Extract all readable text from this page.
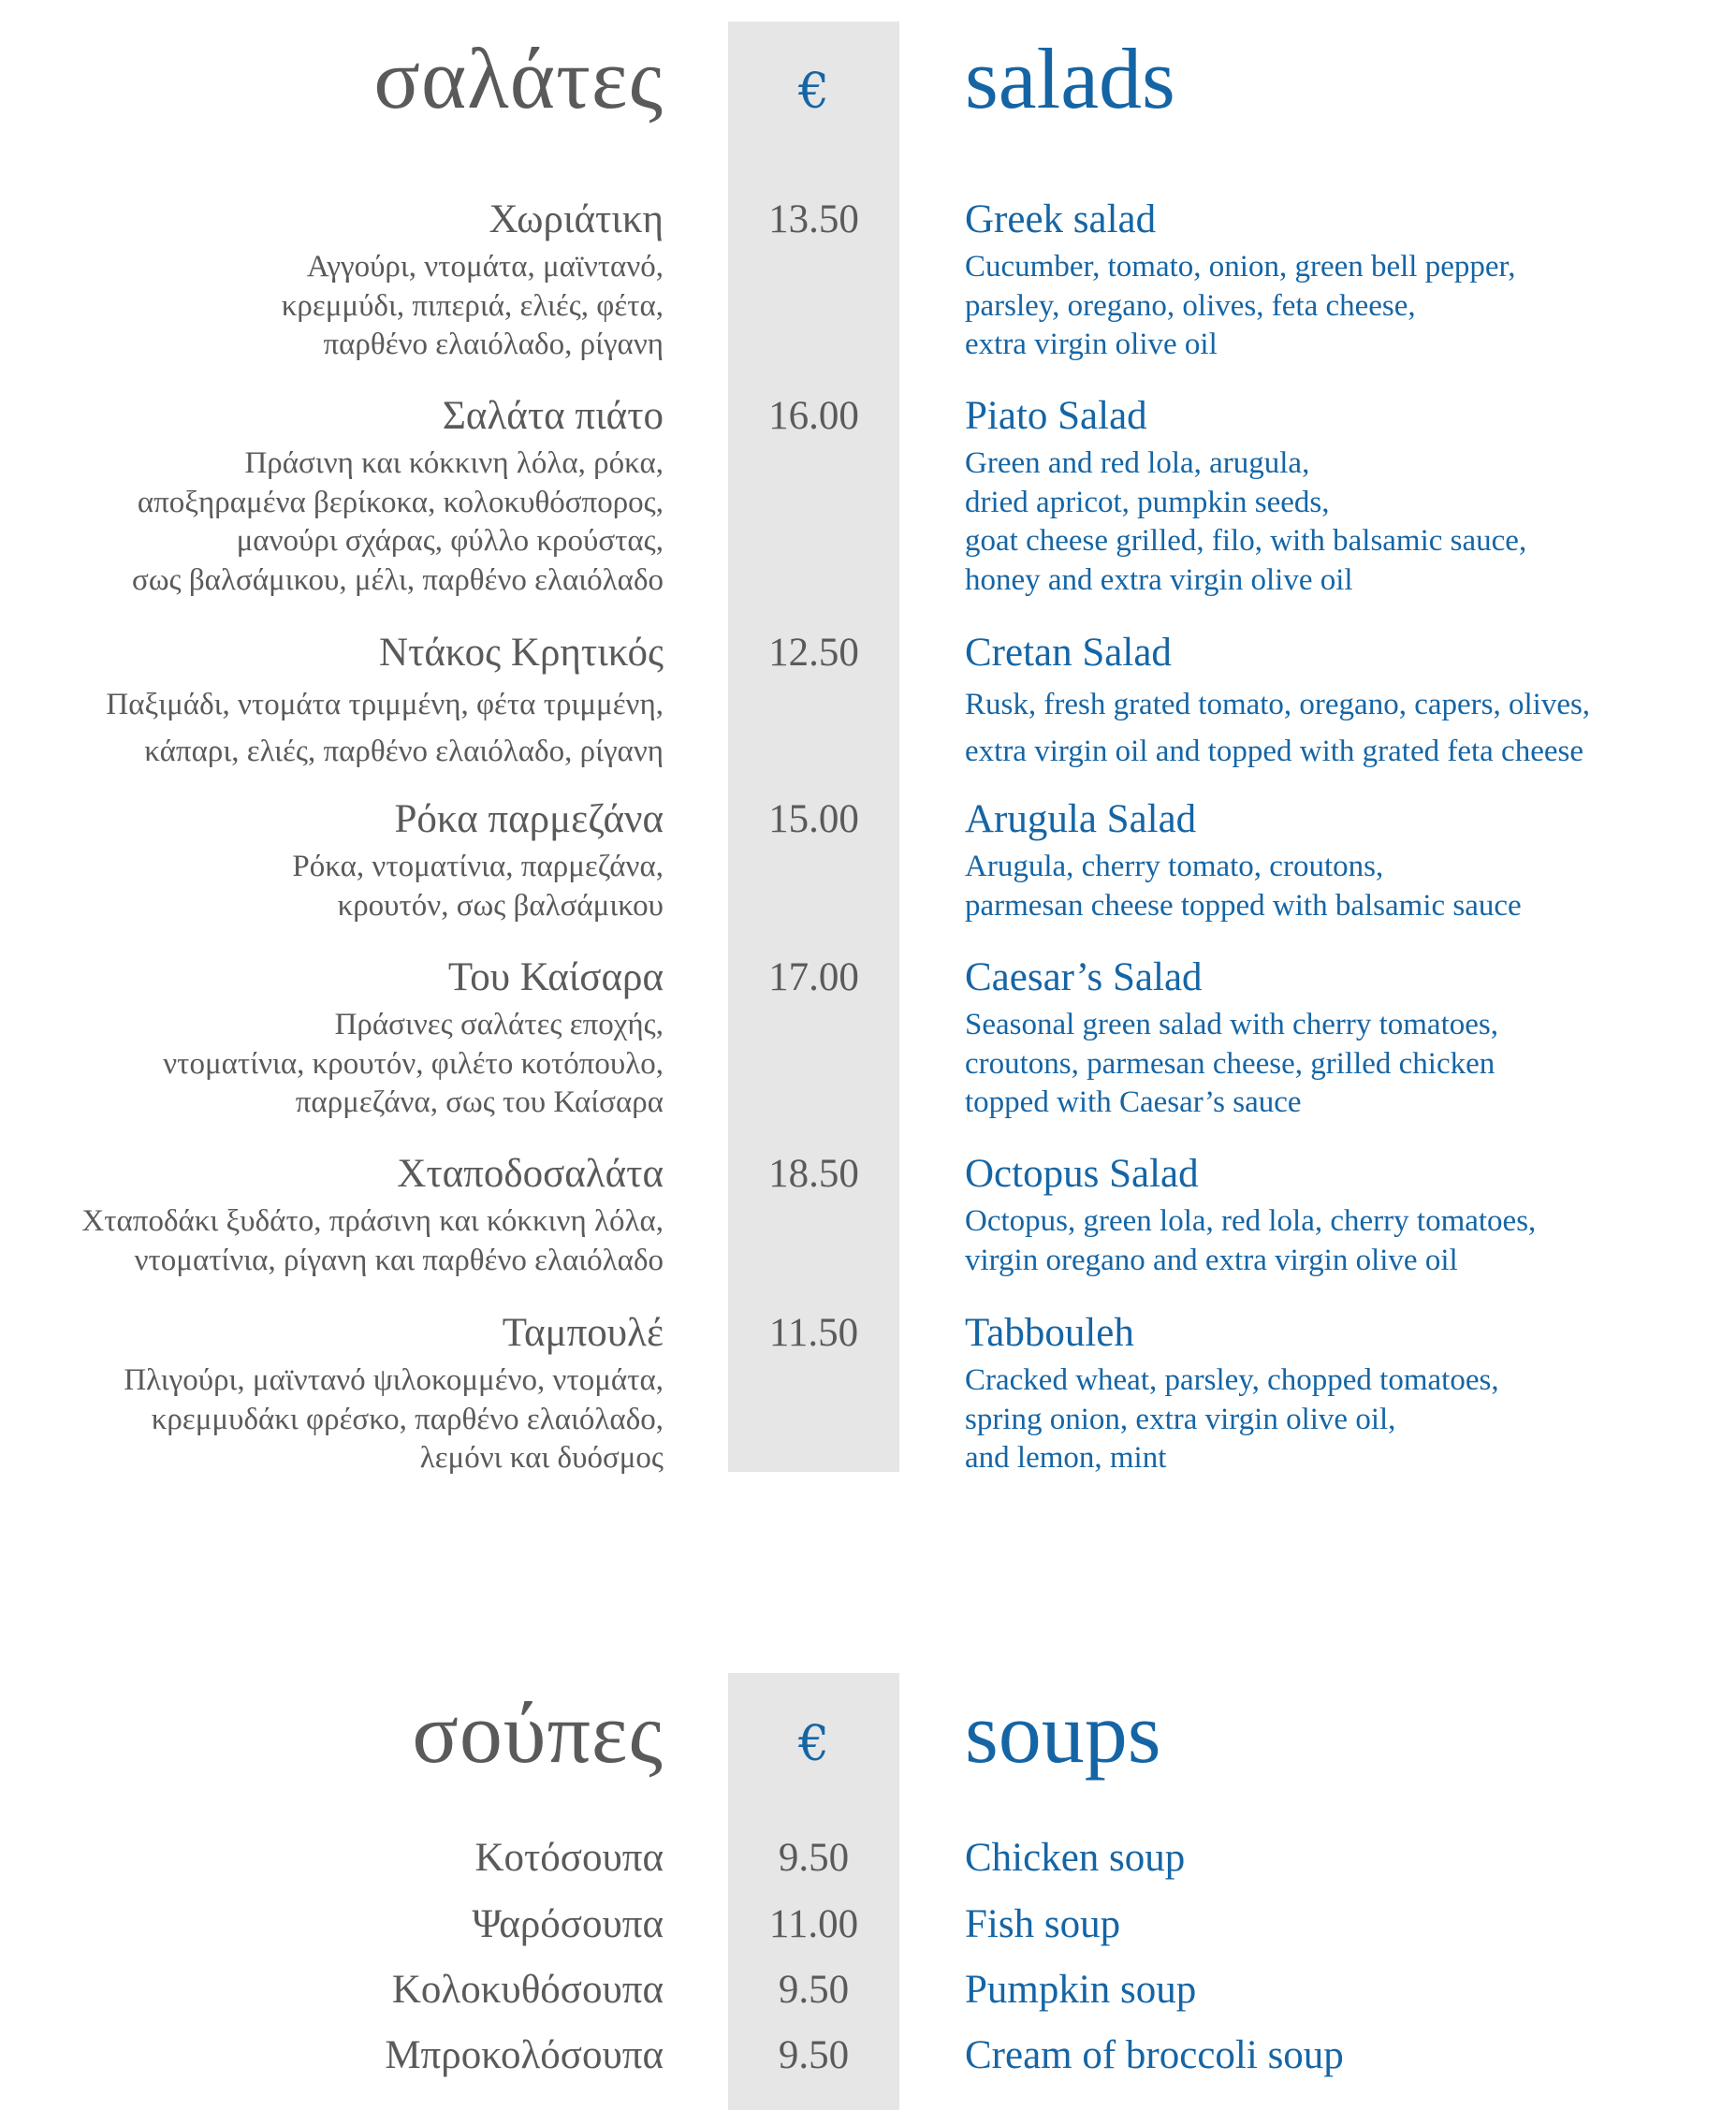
σαλάτες	€	salads
Χωριάτικη	13.50	Greek salad
Αγγούρι, ντομάτα, μαϊντανό,
κρεμμύδι, πιπεριά, ελιές, φέτα,
παρθένο ελαιόλαδο, ρίγανη
Cucumber, tomato, onion, green bell pepper,
parsley, oregano, olives, feta cheese,
extra virgin olive oil
Σαλάτα πιάτο	16.00	Piato Salad
Πράσινη και κόκκινη λόλα, ρόκα,
αποξηραμένα βερίκοκα, κολοκυθόσπορος,
μανούρι σχάρας, φύλλο κρούστας,
σως βαλσάμικου, μέλι, παρθένο ελαιόλαδο
Green and red lola, arugula,
dried apricot, pumpkin seeds,
goat cheese grilled, filo, with balsamic sauce,
honey and extra virgin olive oil
Ντάκος Κρητικός	12.50	Cretan Salad
Παξιμάδι, ντομάτα τριμμένη, φέτα τριμμένη,
κάπαρι, ελιές, παρθένο ελαιόλαδο, ρίγανη
Rusk, fresh grated tomato, oregano, capers, olives,
extra virgin oil and topped with grated feta cheese
Ρόκα παρμεζάνα	15.00	Arugula Salad
Ρόκα, ντοματίνια, παρμεζάνα,
κρουτόν, σως βαλσάμικου
Arugula, cherry tomato, croutons,
parmesan cheese topped with balsamic sauce
Του Καίσαρα	17.00	Caesar’s Salad
Πράσινες σαλάτες εποχής,
ντοματίνια, κρουτόν, φιλέτο κοτόπουλο,
παρμεζάνα, σως του Καίσαρα
Seasonal green salad with cherry tomatoes,
croutons, parmesan cheese, grilled chicken
topped with Caesar’s sauce
Χταποδοσαλάτα	18.50	Octopus Salad
Χταποδάκι ξυδάτο, πράσινη και κόκκινη λόλα,
ντοματίνια, ρίγανη και παρθένο ελαιόλαδο
Octopus, green lola, red lola, cherry tomatoes,
virgin oregano and extra virgin olive oil
Ταμπουλέ	11.50	Tabbouleh
Πλιγούρι, μαϊντανό ψιλοκομμένο, ντομάτα,
κρεμμυδάκι φρέσκο, παρθένο ελαιόλαδο,
λεμόνι και δυόσμος
Cracked wheat, parsley, chopped tomatoes,
spring onion, extra virgin olive oil,
and lemon, mint
σούπες	€	soups
Κοτόσουπα	9.50	Chicken soup
Ψαρόσουπα	11.00	Fish soup
Κολοκυθόσουπα	9.50	Pumpkin soup
Μπροκολόσουπα	9.50	Cream of broccoli soup
